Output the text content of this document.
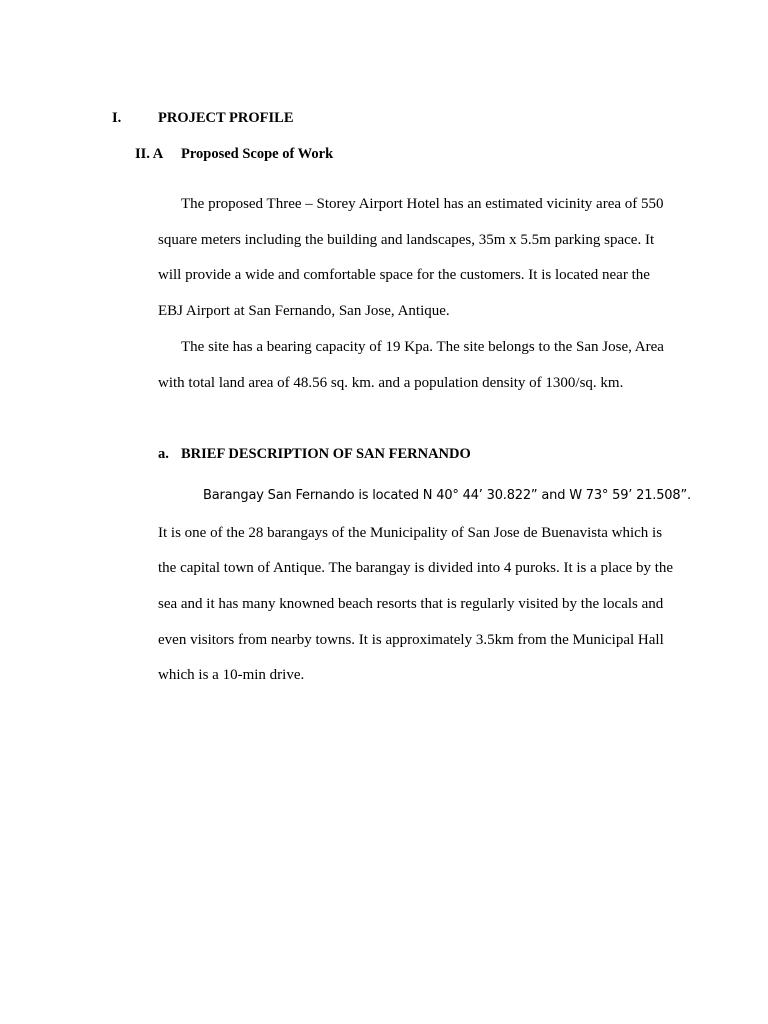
I.	PROJECT PROFILE
II. A Proposed Scope of Work
The proposed Three – Storey Airport Hotel has an estimated vicinity area of 550
square meters including the building and landscapes, 35m x 5.5m parking space. It
will provide a wide and comfortable space for the customers. It is located near the
EBJ Airport at San Fernando, San Jose, Antique.
The site has a bearing capacity of 19 Kpa. The site belongs to the San Jose, Area
with total land area of 48.56 sq. km. and a population density of 1300/sq. km.
a. BRIEF DESCRIPTION OF SAN FERNANDO
Barangay San Fernando is located N 40° 44’ 30.822” and W 73° 59’ 21.508”.
It is one of the 28 barangays of the Municipality of San Jose de Buenavista which is
the capital town of Antique. The barangay is divided into 4 puroks. It is a place by the
sea and it has many knowned beach resorts that is regularly visited by the locals and
even visitors from nearby towns. It is approximately 3.5km from the Municipal Hall
which is a 10-min drive.
